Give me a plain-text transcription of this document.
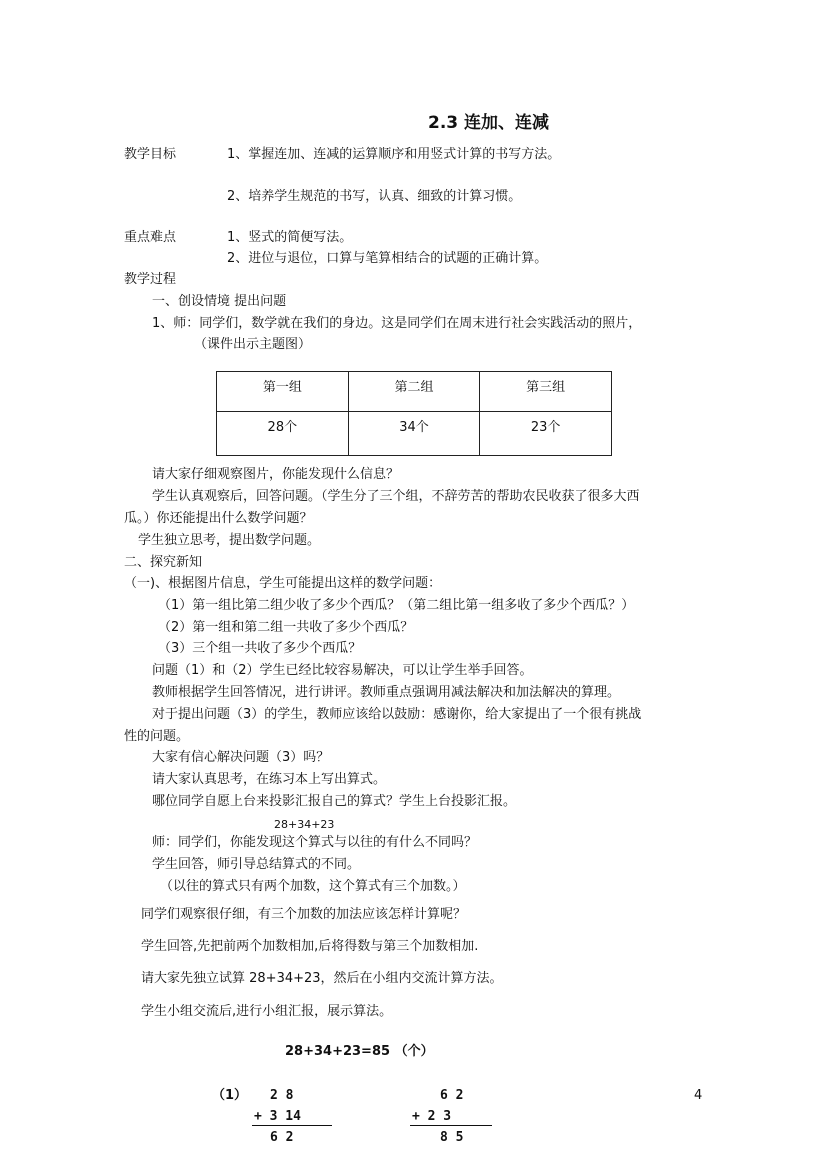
2.3 连加、连减
教学目标	1、掌握连加、连减的运算顺序和用竖式计算的书写方法。
2、培养学生规范的书写，认真、细致的计算习惯。
重点难点	1、竖式的简便写法。
2、进位与退位，口算与笔算相结合的试题的正确计算。
教学过程
一、创设情境 提出问题
1、师：同学们，数学就在我们的身边。这是同学们在周末进行社会实践活动的照片，
（课件出示主题图）
第一组	第二组	第三组
28个	34个	23个
请大家仔细观察图片，你能发现什么信息？
学生认真观察后，回答问题。（学生分了三个组，不辞劳苦的帮助农民收获了很多大西
瓜。）你还能提出什么数学问题？
学生独立思考，提出数学问题。
二、探究新知
（一)、根据图片信息，学生可能提出这样的数学问题：
（1）第一组比第二组少收了多少个西瓜？（第二组比第一组多收了多少个西瓜？）
（2）第一组和第二组一共收了多少个西瓜？
（3）三个组一共收了多少个西瓜？
问题（1）和（2）学生已经比较容易解决，可以让学生举手回答。
教师根据学生回答情况，进行讲评。教师重点强调用减法解决和加法解决的算理。
对于提出问题（3）的学生，教师应该给以鼓励：感谢你，给大家提出了一个很有挑战
性的问题。
大家有信心解决问题（3）吗？
请大家认真思考，在练习本上写出算式。
哪位同学自愿上台来投影汇报自己的算式？学生上台投影汇报。
28+34+23
师：同学们，你能发现这个算式与以往的有什么不同吗？
学生回答，师引导总结算式的不同。
（以往的算式只有两个加数，这个算式有三个加数。）
同学们观察很仔细，有三个加数的加法应该怎样计算呢？
学生回答,先把前两个加数相加,后将得数与第三个加数相加.
请大家先独立试算 28+34+23，然后在小组内交流计算方法。
学生小组交流后,进行小组汇报，展示算法。
28+34+23=85 （个）
（1） 2 8
+ 3 14
6 2
6 2
+ 2 3
8 5
4
